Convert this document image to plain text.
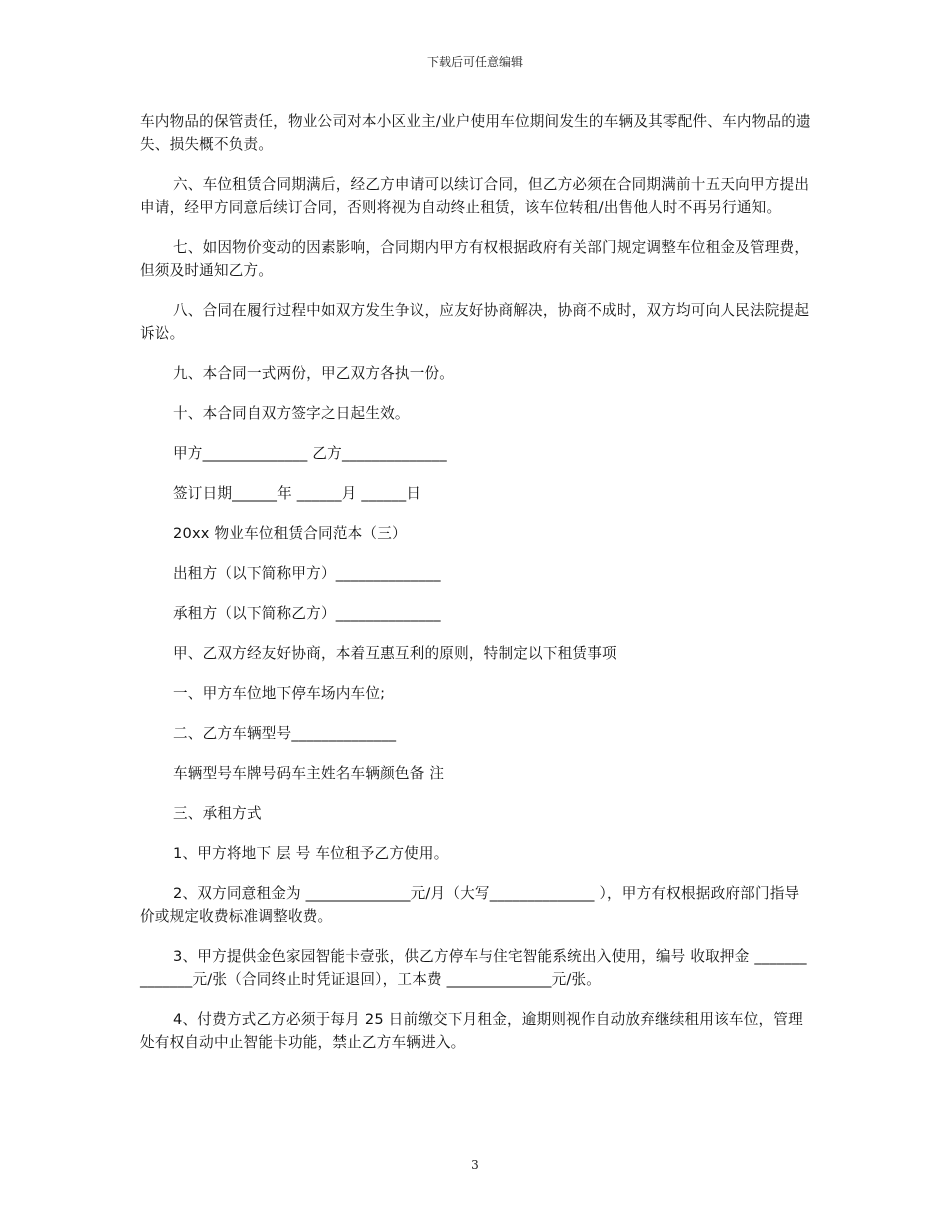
下载后可任意编辑

车内物品的保管责任，物业公司对本小区业主/业户使用车位期间发生的车辆及其零配件、车内物品的遗失、损失概不负责。

六、车位租赁合同期满后，经乙方申请可以续订合同，但乙方必须在合同期满前十五天向甲方提出申请，经甲方同意后续订合同，否则将视为自动终止租赁，该车位转租/出售他人时不再另行通知。

七、如因物价变动的因素影响，合同期内甲方有权根据政府有关部门规定调整车位租金及管理费，但须及时通知乙方。

八、合同在履行过程中如双方发生争议，应友好协商解决，协商不成时，双方均可向人民法院提起诉讼。

九、本合同一式两份，甲乙双方各执一份。

十、本合同自双方签字之日起生效。

甲方______________ 乙方______________

签订日期______年 ______月 ______日

20xx 物业车位租赁合同范本（三）

出租方（以下简称甲方）______________

承租方（以下简称乙方）______________

甲、乙双方经友好协商，本着互惠互利的原则，特制定以下租赁事项

一、甲方车位地下停车场内车位;

二、乙方车辆型号______________

车辆型号车牌号码车主姓名车辆颜色备 注

三、承租方式

1、甲方将地下 层 号 车位租予乙方使用。

2、双方同意租金为 ______________元/月（大写______________ ），甲方有权根据政府部门指导价或规定收费标准调整收费。

3、甲方提供金色家园智能卡壹张，供乙方停车与住宅智能系统出入使用，编号 收取押金 ______________元/张（合同终止时凭证退回），工本费 ______________元/张。

4、付费方式乙方必须于每月 25 日前缴交下月租金，逾期则视作自动放弃继续租用该车位，管理处有权自动中止智能卡功能，禁止乙方车辆进入。

3
